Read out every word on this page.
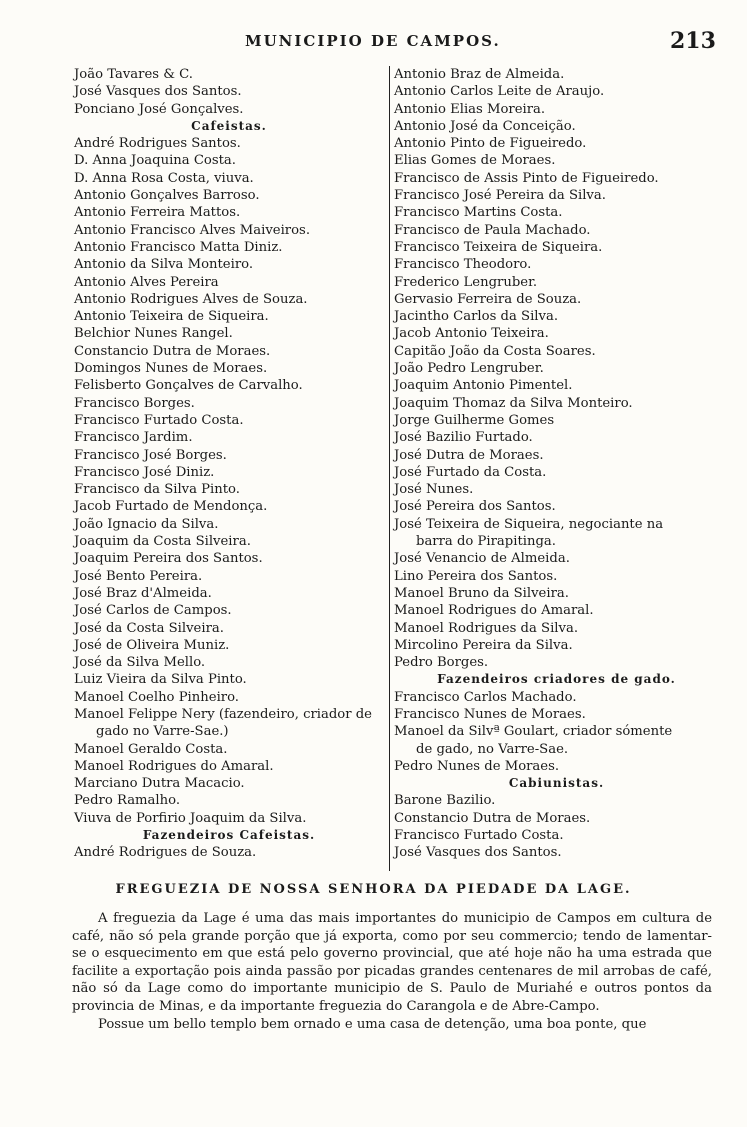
MUNICIPIO DE CAMPOS.	213
João Tavares & C.
José Vasques dos Santos.
Ponciano José Gonçalves.
Cafeistas.
André Rodrigues Santos.
D. Anna Joaquina Costa.
D. Anna Rosa Costa, viuva.
Antonio Gonçalves Barroso.
Antonio Ferreira Mattos.
Antonio Francisco Alves Maiveiros.
Antonio Francisco Matta Diniz.
Antonio da Silva Monteiro.
Antonio Alves Pereira
Antonio Rodrigues Alves de Souza.
Antonio Teixeira de Siqueira.
Belchior Nunes Rangel.
Constancio Dutra de Moraes.
Domingos Nunes de Moraes.
Felisberto Gonçalves de Carvalho.
Francisco Borges.
Francisco Furtado Costa.
Francisco Jardim.
Francisco José Borges.
Francisco José Diniz.
Francisco da Silva Pinto.
Jacob Furtado de Mendonça.
João Ignacio da Silva.
Joaquim da Costa Silveira.
Joaquim Pereira dos Santos.
José Bento Pereira.
José Braz d'Almeida.
José Carlos de Campos.
José da Costa Silveira.
José de Oliveira Muniz.
José da Silva Mello.
Luiz Vieira da Silva Pinto.
Manoel Coelho Pinheiro.
Manoel Felippe Nery (fazendeiro, criador de
gado no Varre-Sae.)
Manoel Geraldo Costa.
Manoel Rodrigues do Amaral.
Marciano Dutra Macacio.
Pedro Ramalho.
Viuva de Porfirio Joaquim da Silva.
Fazendeiros Cafeistas.
André Rodrigues de Souza.
Antonio Braz de Almeida.
Antonio Carlos Leite de Araujo.
Antonio Elias Moreira.
Antonio José da Conceição.
Antonio Pinto de Figueiredo.
Elias Gomes de Moraes.
Francisco de Assis Pinto de Figueiredo.
Francisco José Pereira da Silva.
Francisco Martins Costa.
Francisco de Paula Machado.
Francisco Teixeira de Siqueira.
Francisco Theodoro.
Frederico Lengruber.
Gervasio Ferreira de Souza.
Jacintho Carlos da Silva.
Jacob Antonio Teixeira.
Capitão João da Costa Soares.
João Pedro Lengruber.
Joaquim Antonio Pimentel.
Joaquim Thomaz da Silva Monteiro.
Jorge Guilherme Gomes
José Bazilio Furtado.
José Dutra de Moraes.
José Furtado da Costa.
José Nunes.
José Pereira dos Santos.
José Teixeira de Siqueira, negociante na
barra do Pirapitinga.
José Venancio de Almeida.
Lino Pereira dos Santos.
Manoel Bruno da Silveira.
Manoel Rodrigues do Amaral.
Manoel Rodrigues da Silva.
Mircolino Pereira da Silva.
Pedro Borges.
Fazendeiros criadores de gado.
Francisco Carlos Machado.
Francisco Nunes de Moraes.
Manoel da Silvª Goulart, criador sómente
de gado, no Varre-Sae.
Pedro Nunes de Moraes.
Cabiunistas.
Barone Bazilio.
Constancio Dutra de Moraes.
Francisco Furtado Costa.
José Vasques dos Santos.
FREGUEZIA DE NOSSA SENHORA DA PIEDADE DA LAGE.

A freguezia da Lage é uma das mais importantes do municipio de Campos em cultura de café, não só pela grande porção que já exporta, como por seu commercio; tendo de lamentar-se o esquecimento em que está pelo governo provincial, que até hoje não ha uma estrada que facilite a exportação pois ainda passão por picadas grandes centenares de mil arrobas de café, não só da Lage como do importante municipio de S. Paulo de Muriahé e outros pontos da provincia de Minas, e da importante freguezia do Carangola e de Abre-Campo.

Possue um bello templo bem ornado e uma casa de detenção, uma boa ponte, que
